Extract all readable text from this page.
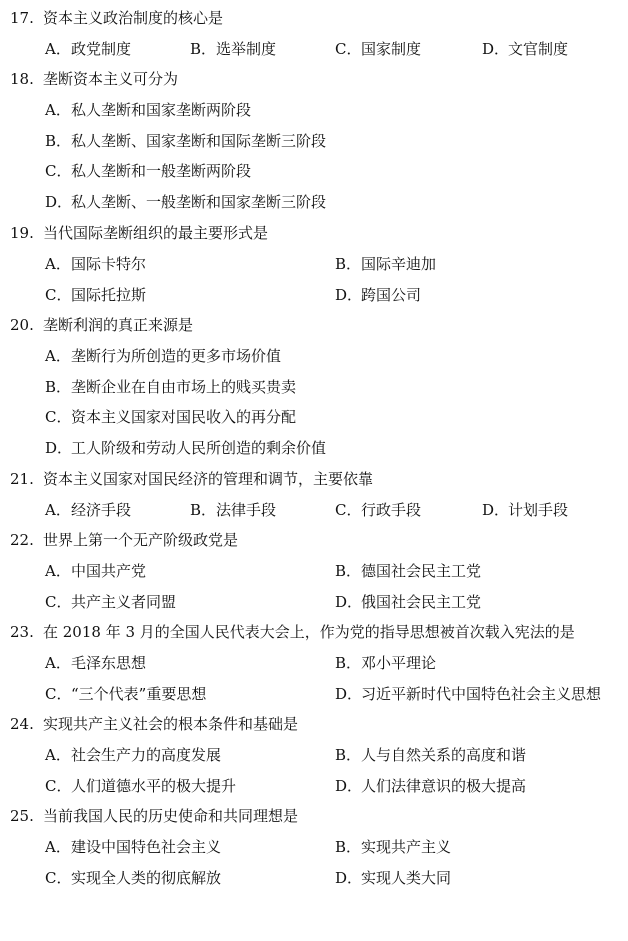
17. 资本主义政治制度的核心是
A．政党制度	B．选举制度	C．国家制度	D．文官制度
18. 垄断资本主义可分为
A．私人垄断和国家垄断两阶段
B．私人垄断、国家垄断和国际垄断三阶段
C．私人垄断和一般垄断两阶段
D．私人垄断、一般垄断和国家垄断三阶段
19. 当代国际垄断组织的最主要形式是
A．国际卡特尔	B．国际辛迪加
C．国际托拉斯	D．跨国公司
20. 垄断利润的真正来源是
A．垄断行为所创造的更多市场价值
B．垄断企业在自由市场上的贱买贵卖
C．资本主义国家对国民收入的再分配
D．工人阶级和劳动人民所创造的剩余价值
21. 资本主义国家对国民经济的管理和调节，主要依靠
A．经济手段	B．法律手段	C．行政手段	D．计划手段
22. 世界上第一个无产阶级政党是
A．中国共产党	B．德国社会民主工党
C．共产主义者同盟	D．俄国社会民主工党
23. 在 2018 年 3 月的全国人民代表大会上，作为党的指导思想被首次载入宪法的是
A．毛泽东思想	B．邓小平理论
C．“三个代表”重要思想	D．习近平新时代中国特色社会主义思想
24. 实现共产主义社会的根本条件和基础是
A．社会生产力的高度发展	B．人与自然关系的高度和谐
C．人们道德水平的极大提升	D．人们法律意识的极大提高
25. 当前我国人民的历史使命和共同理想是
A．建设中国特色社会主义	B．实现共产主义
C．实现全人类的彻底解放	D．实现人类大同
